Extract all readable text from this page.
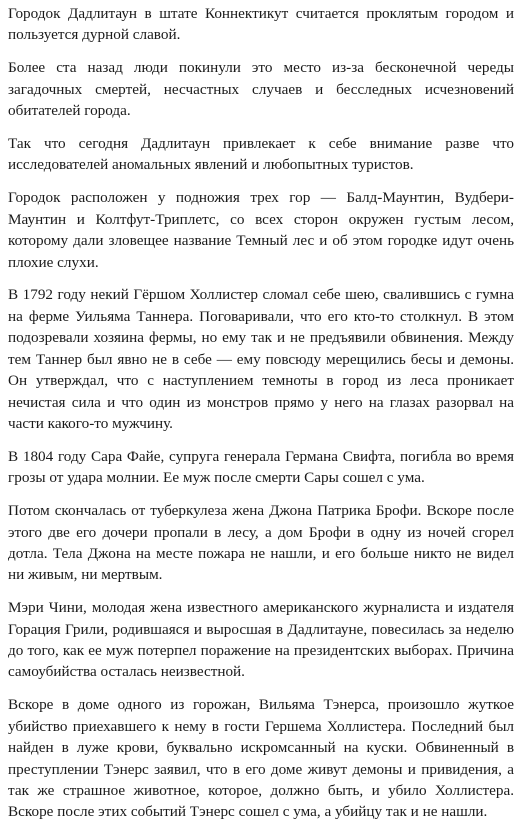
Городок Дадлитаун в штате Коннектикут считается проклятым городом и пользуется дурной славой.

Более ста назад люди покинули это место из-за бесконечной череды загадочных смертей, несчастных случаев и бесследных исчезновений обитателей города.

Так что сегодня Дадлитаун привлекает к себе внимание разве что исследователей аномальных явлений и любопытных туристов.

Городок расположен у подножия трех гор — Балд-Маунтин, Вудбери-Маунтин и Колтфут-Триплетс, со всех сторон окружен густым лесом, которому дали зловещее название Темный лес и об этом городке идут очень плохие слухи.

В 1792 году некий Гёршом Холлистер сломал себе шею, свалившись с гумна на ферме Уильяма Таннера. Поговаривали, что его кто-то столкнул. В этом подозревали хозяина фермы, но ему так и не предъявили обвинения. Между тем Таннер был явно не в себе — ему повсюду мерещились бесы и демоны. Он утверждал, что с наступлением темноты в город из леса проникает нечистая сила и что один из монстров прямо у него на глазах разорвал на части какого-то мужчину.

В 1804 году Сара Файе, супруга генерала Германа Свифта, погибла во время грозы от удара молнии. Ее муж после смерти Сары сошел с ума.

Потом скончалась от туберкулеза жена Джона Патрика Брофи. Вскоре после этого две его дочери пропали в лесу, а дом Брофи в одну из ночей сгорел дотла. Тела Джона на месте пожара не нашли, и его больше никто не видел ни живым, ни мертвым.

Мэри Чини, молодая жена известного американского журналиста и издателя Горация Грили, родившаяся и выросшая в Дадлитауне, повесилась за неделю до того, как ее муж потерпел поражение на президентских выборах. Причина самоубийства осталась неизвестной.

Вскоре в доме одного из горожан, Вильяма Тэнерса, произошло жуткое убийство приехавшего к нему в гости Гершема Холлистера. Последний был найден в луже крови, буквально искромсанный на куски. Обвиненный в преступлении Тэнерс заявил, что в его доме живут демоны и привидения, а так же страшное животное, которое, должно быть, и убило Холлистера. Вскоре после этих событий Тэнерс сошел с ума, а убийцу так и не нашли.
